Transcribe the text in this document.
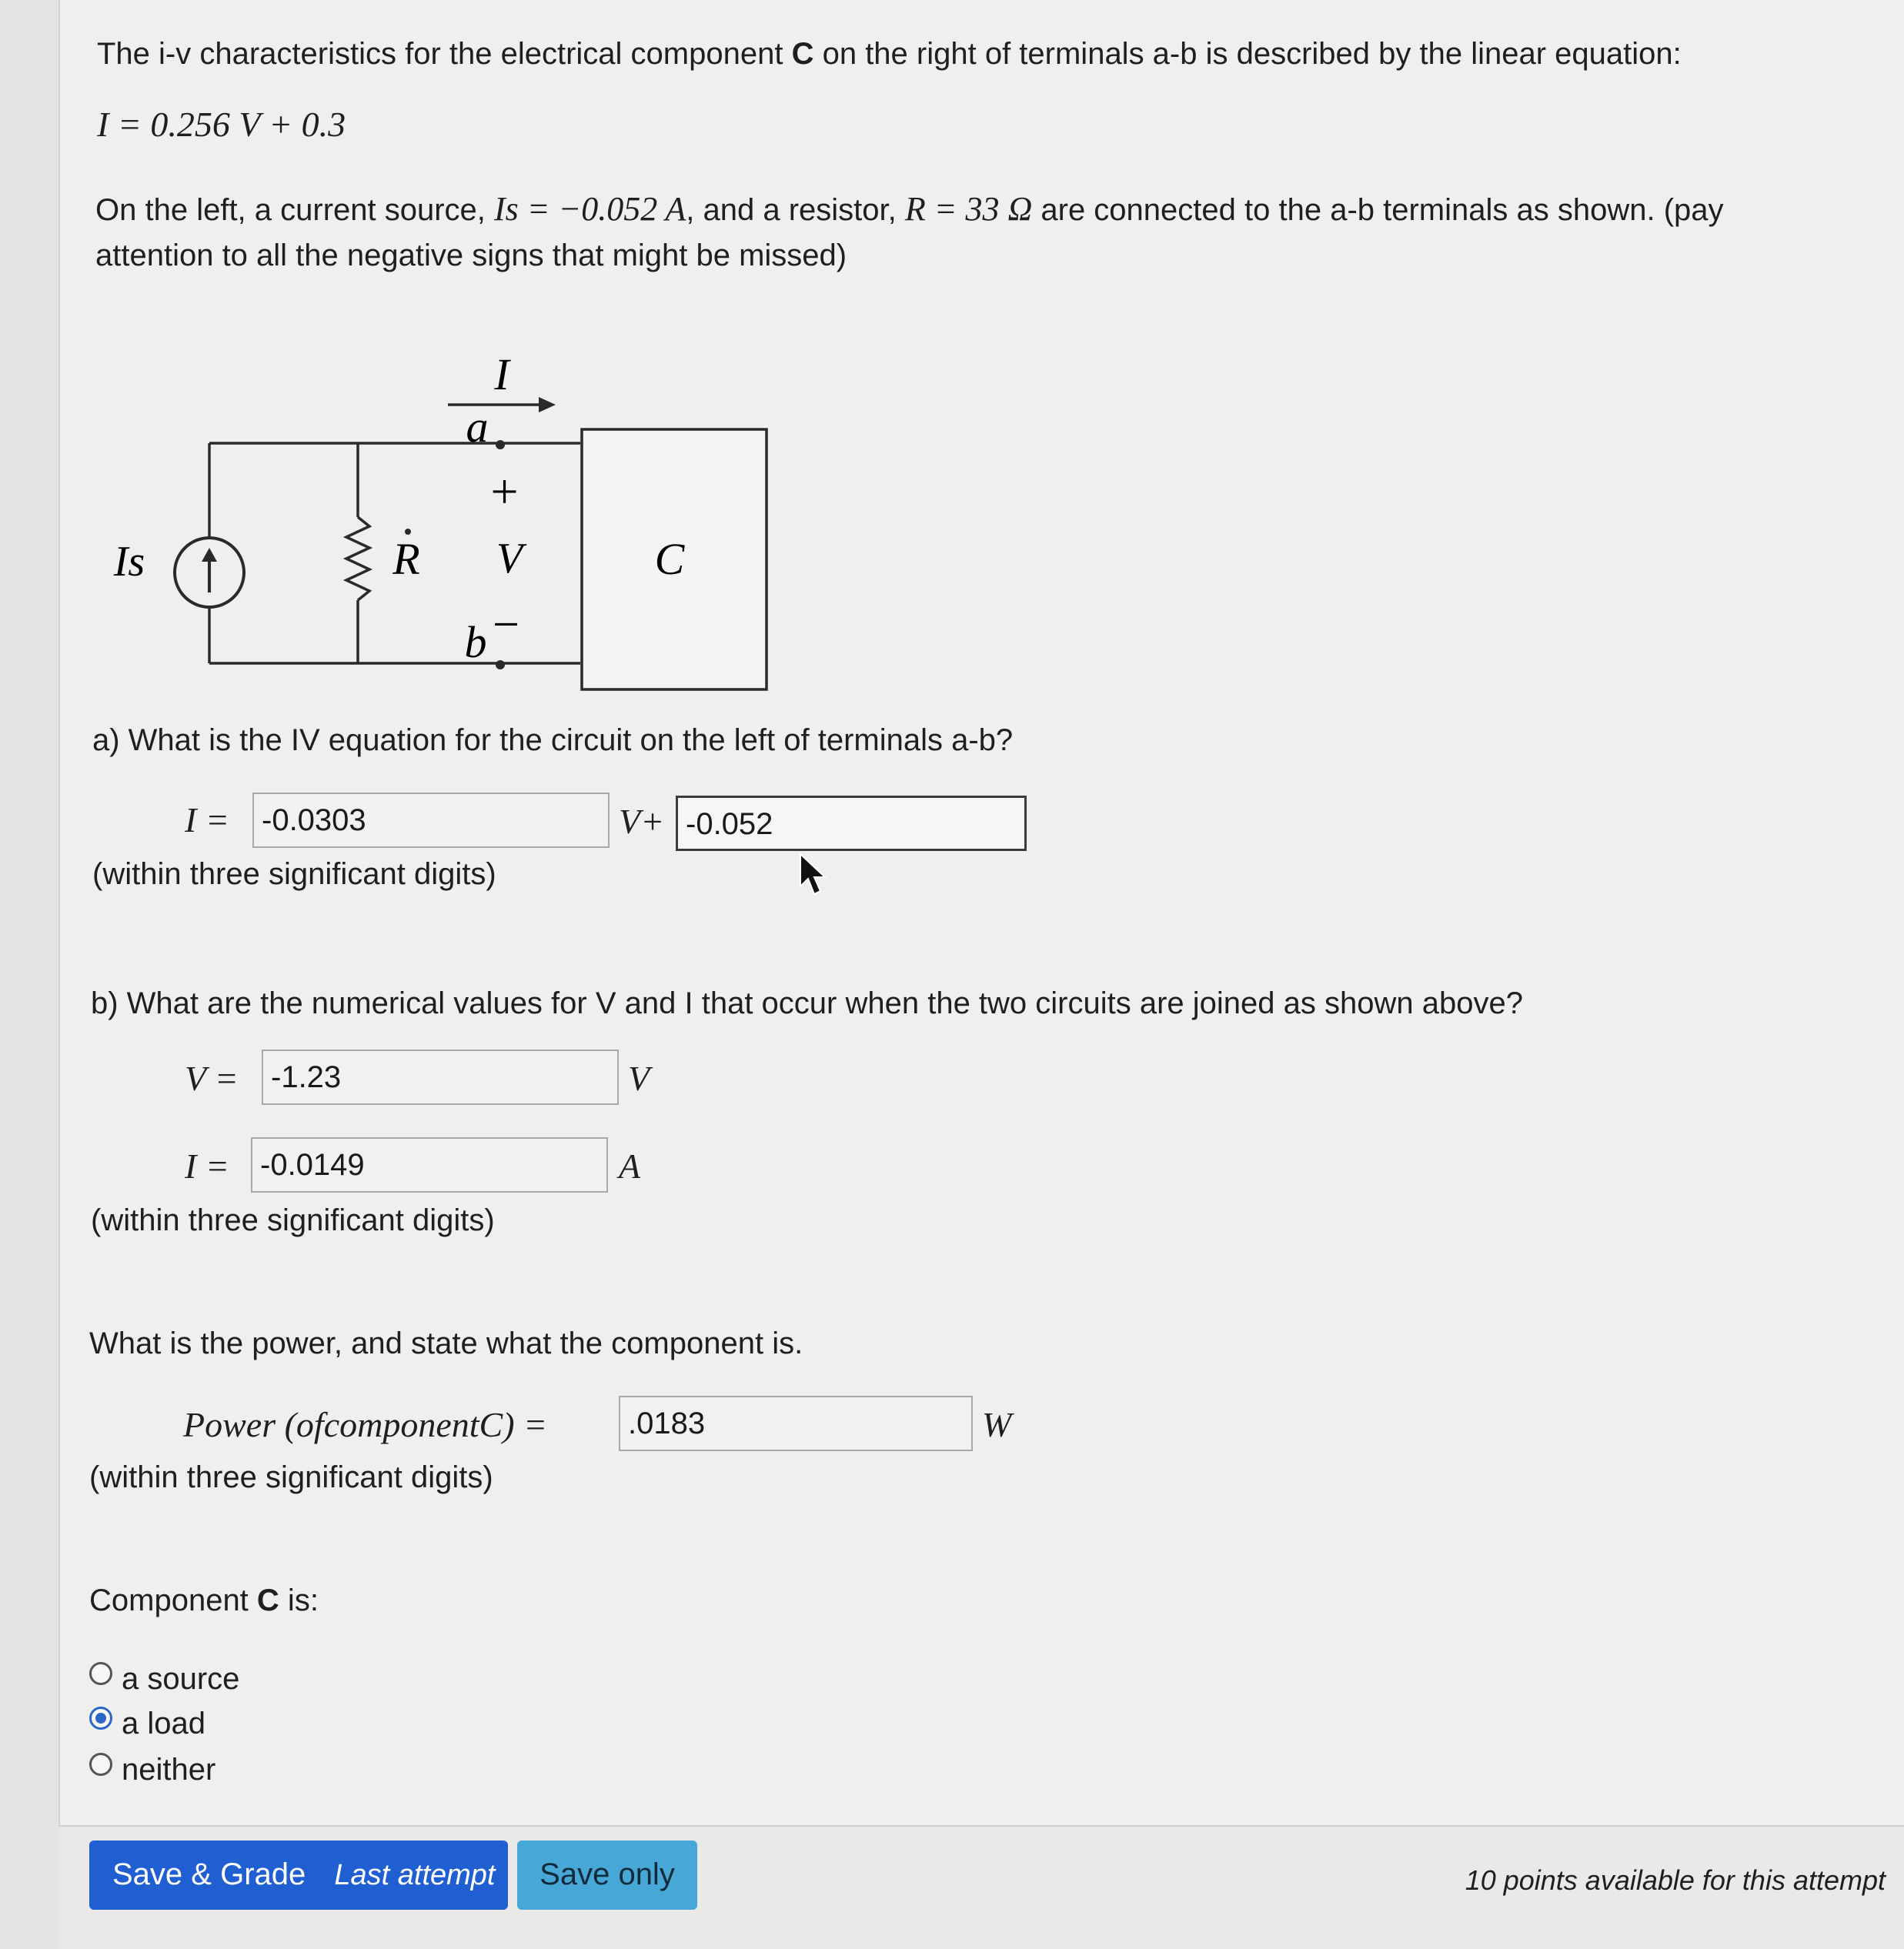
The i-v characteristics for the electrical component C on the right of terminals a-b is described by the linear equation:
I = 0.256 V + 0.3
On the left, a current source, Is = −0.052 A, and a resistor, R = 33 Ω are connected to the a-b terminals as shown. (pay
attention to all the negative signs that might be missed)
I
a
+
V
b −
Is	R	C
a) What is the IV equation for the circuit on the left of terminals a-b?
I =	-0.0303	V+ -0.052
(within three significant digits)
b) What are the numerical values for V and I that occur when the two circuits are joined as shown above?
V =	-1.23	V
I =	-0.0149	A
(within three significant digits)
What is the power, and state what the component is.
Power (ofcomponentC) =	.0183	W
(within three significant digits)
Component C is:
a source
a load
neither
Save & Grade Last attempt	Save only	10 points available for this attempt
